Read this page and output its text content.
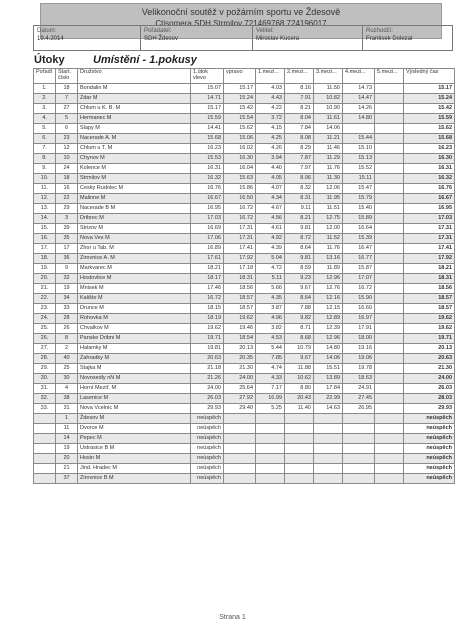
Velikonoční soutěž v požárním sportu ve Ždesově
Ctisomera SDH Strmilov 721469768 724196017
Datum:
19.4.2014

Pořadatel:
SDH Ždesov

Velitel:
Miroslav Kucera

Rozhodčí:
Frantisek Dolezal
Útoky	Umístění - 1.pokusy
Pořadí	Start. číslo	Družstvo	1.útok vlevo	vpravo	1.mezi...	2.mezi...	3.mezi...	4.mezi...	5.mezi...	Výsledný čas
1.	18	Bondalin M	15.07	15.17	4.03	8.16	11.50	14.73		15.17
2.	7	Zdar M	14.71	15.24	4.43	7.91	10.82	14.47		15.24
3.	27	Chlum u K. B. M	15.17	15.42	4.22	8.21	10.90	14.26		15.42
4.	5	Hermanec M	15.59	15.54	3.72	8.04	11.61	14.80		15.59
5.	6	Slapy M	14.41	15.62	4.15	7.84	14.06			15.62
6.	23	Nacerade A. M	15.68	15.06	4.25	8.08	11.21	15.44		15.68
7.	12	Chlum u T. M	16.23	16.02	4.26	8.29	11.46	15.10		16.23
8.	10	Chynov M	15.53	16.30	3.94	7.87	11.29	15.13		16.30
9.	24	Kolence M	16.31	16.04	4.40	7.97	11.76	15.52		16.31
10.	18	Strmilov M	16.32	15.63	4.05	8.06	11.30	15.11		16.32
11.	16	Cesky Rudolec M	16.76	15.86	4.07	8.32	12.06	15.47		16.76
12.	22	Malinne M	16.67	16.50	4.34	8.31	11.95	15.79		16.67
13.	29	Nacerade B M	16.95	16.72	4.67	9.11	11.51	15.40		16.95
14.	3	Dribrec M	17.03	16.72	4.56	8.21	12.75	15.89		17.03
15.	39	Strizov M	16.69	17.31	4.61	9.81	12.00	16.64		17.31
16.	35	Nova Ves M	17.06	17.31	4.92	8.72	11.52	15.39		17.31
17.	17	Zhor u Tab. M	16.89	17.41	4.39	8.64	11.76	16.47		17.41
18.	36	Zirovnice A. M	17.61	17.92	5.04	9.81	13.16	16.77		17.92
19.	9	Markvarec M	18.21	17.18	4.72	8.59	11.89	15.87		18.21
20.	32	Hostovlice M	18.17	18.31	5.11	9.23	12.96	17.07		18.31
21.	19	Mnisek M	17.46	18.56	5.66	9.67	12.76	16.72		18.56
22.	34	Kalište M	16.72	18.57	4.35	8.64	12.16	15.90		18.57
23.	33	Drunce M	18.15	18.57	3.87	7.88	12.15	16.60		18.57
24.	28	Rohovka M	18.19	19.62	4.96	9.82	12.89	16.97		19.62
25.	26	Chvalkov M	19.62	19.46	3.82	8.71	12.39	17.91		19.62
26.	8	Panske Dribni M	19.71	18.54	4.53	8.68	12.96	18.00		19.71
27.	2	Halamky M	19.81	20.13	5.44	10.79	14.80	19.16		20.13
28.	40	Zahradky M	20.63	20.35	7.85	9.67	14.06	19.06		20.63
29.	25	Stajka M	21.18	21.30	4.74	11.88	15.51	19.78		21.30
30.	30	Novosedly nN M	21.26	24.00	4.33	10.62	13.89	18.63		24.00
31.	4	Horní Meziř. M	24.00	25.64	7.17	8.80	17.84	24.91		26.03
32.	38	Lasenice M	26.03	27.92	16.99	20.43	22.99	27.45		28.03
33.	31	Nova Vcelnic M	29.93	29.40	5.25	11.40	14.63	26.95		29.93
	1	Ždesov M	neúspěch							neúspěch
	11	Dvorce M	neúspěch							neúspěch
	14	Pepec M	neúspěch							neúspěch
	19	Ustrasice B M	neúspěch							neúspěch
	20	Hosin M	neúspěch							neúspěch
	21	Jind. Hradec M	neúspěch							neúspěch
	37	Zirovnice B M	neúspěch							neúspěch
Strana 1
